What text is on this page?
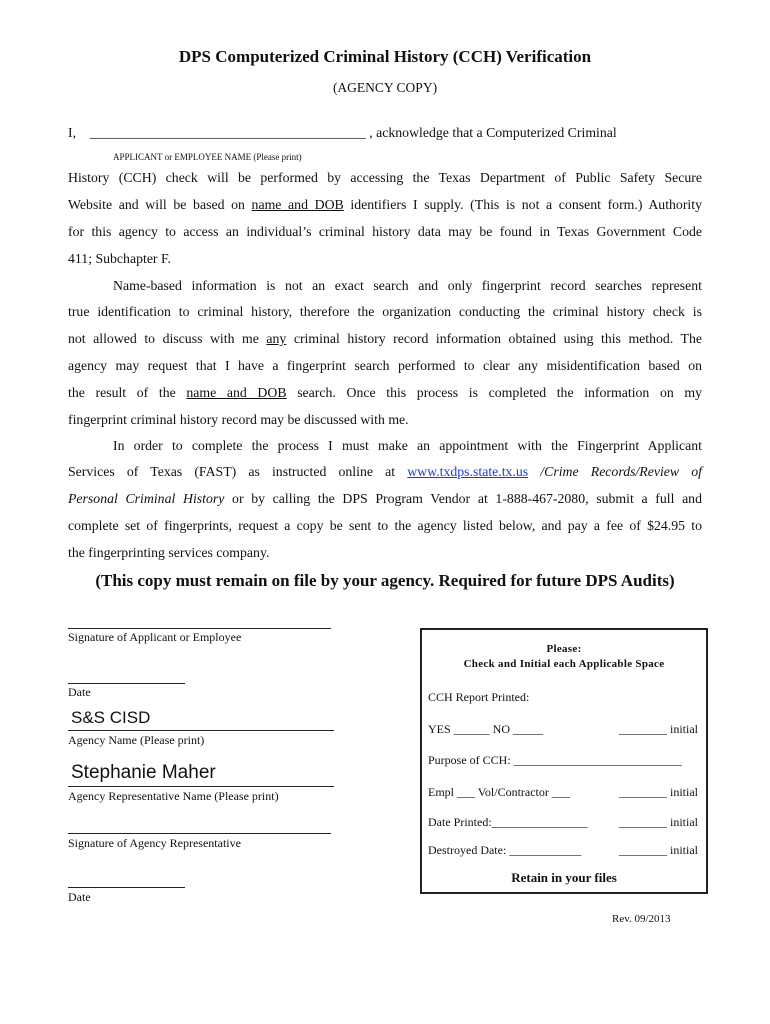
DPS Computerized Criminal History (CCH) Verification
(AGENCY COPY)
I, ________________________________________ , acknowledge that a Computerized Criminal
APPLICANT or EMPLOYEE NAME (Please print)
History (CCH) check will be performed by accessing the Texas Department of Public Safety Secure
Website and will be based on name and DOB identifiers I supply. (This is not a consent form.) Authority
for this agency to access an individual’s criminal history data may be found in Texas Government Code
411; Subchapter F.
Name-based information is not an exact search and only fingerprint record searches represent
true identification to criminal history, therefore the organization conducting the criminal history check is
not allowed to discuss with me any criminal history record information obtained using this method. The
agency may request that I have a fingerprint search performed to clear any misidentification based on
the result of the name and DOB search. Once this process is completed the information on my
fingerprint criminal history record may be discussed with me.
In order to complete the process I must make an appointment with the Fingerprint Applicant
Services of Texas (FAST) as instructed online at www.txdps.state.tx.us /Crime Records/Review of
Personal Criminal History or by calling the DPS Program Vendor at 1-888-467-2080, submit a full and
complete set of fingerprints, request a copy be sent to the agency listed below, and pay a fee of $24.95 to
the fingerprinting services company.
(This copy must remain on file by your agency. Required for future DPS Audits)
Signature of Applicant or Employee
Date
S&S CISD
Agency Name (Please print)
Stephanie Maher
Agency Representative Name (Please print)
Signature of Agency Representative
Date
Please:
Check and Initial each Applicable Space
CCH Report Printed:
YES ______ NO _____	________ initial
Purpose of CCH: ____________________________
Empl ___ Vol/Contractor ___	________ initial
Date Printed:________________	________ initial
Destroyed Date: ____________	________ initial
Retain in your files
Rev. 09/2013
